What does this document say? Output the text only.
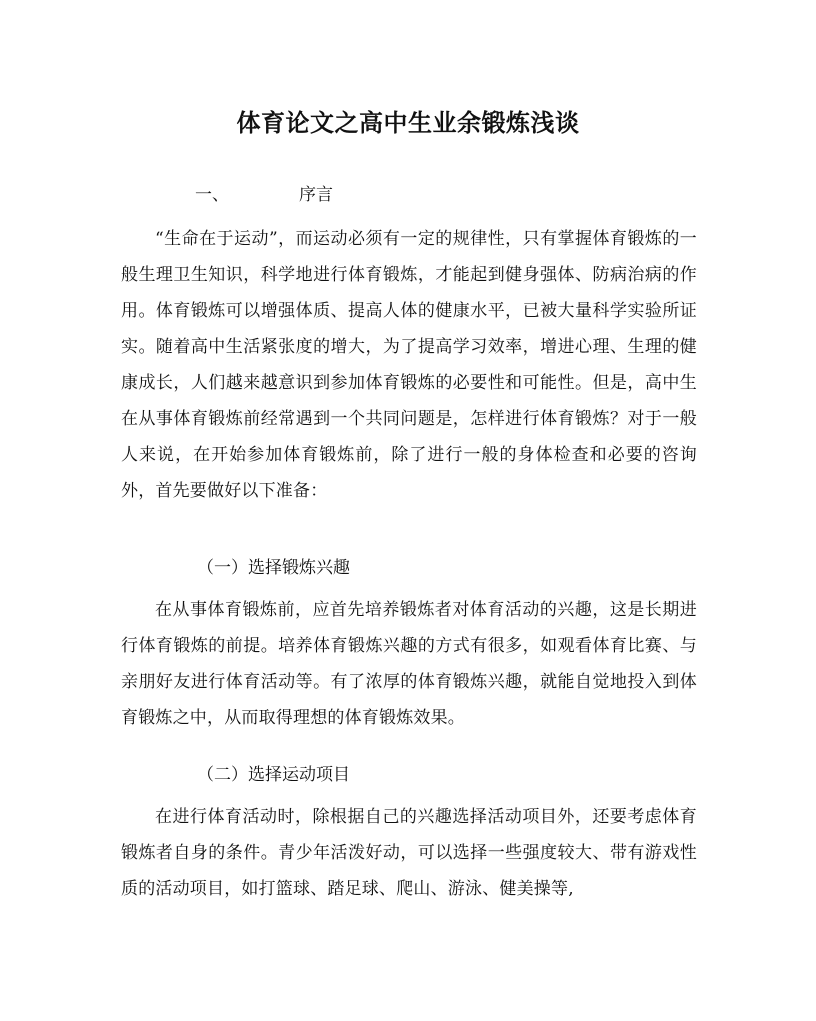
体育论文之高中生业余锻炼浅谈
一、	序言

“生命在于运动”，而运动必须有一定的规律性，只有掌握体育锻炼的一般生理卫生知识，科学地进行体育锻炼，才能起到健身强体、防病治病的作用。体育锻炼可以增强体质、提高人体的健康水平，已被大量科学实验所证实。随着高中生活紧张度的增大，为了提高学习效率，增进心理、生理的健康成长，人们越来越意识到参加体育锻炼的必要性和可能性。但是，高中生在从事体育锻炼前经常遇到一个共同问题是，怎样进行体育锻炼？对于一般人来说，在开始参加体育锻炼前，除了进行一般的身体检查和必要的咨询外，首先要做好以下准备：

（一）选择锻炼兴趣

在从事体育锻炼前，应首先培养锻炼者对体育活动的兴趣，这是长期进行体育锻炼的前提。培养体育锻炼兴趣的方式有很多，如观看体育比赛、与亲朋好友进行体育活动等。有了浓厚的体育锻炼兴趣，就能自觉地投入到体育锻炼之中，从而取得理想的体育锻炼效果。

（二）选择运动项目

在进行体育活动时，除根据自己的兴趣选择活动项目外，还要考虑体育锻炼者自身的条件。青少年活泼好动，可以选择一些强度较大、带有游戏性质的活动项目，如打篮球、踏足球、爬山、游泳、健美操等,
